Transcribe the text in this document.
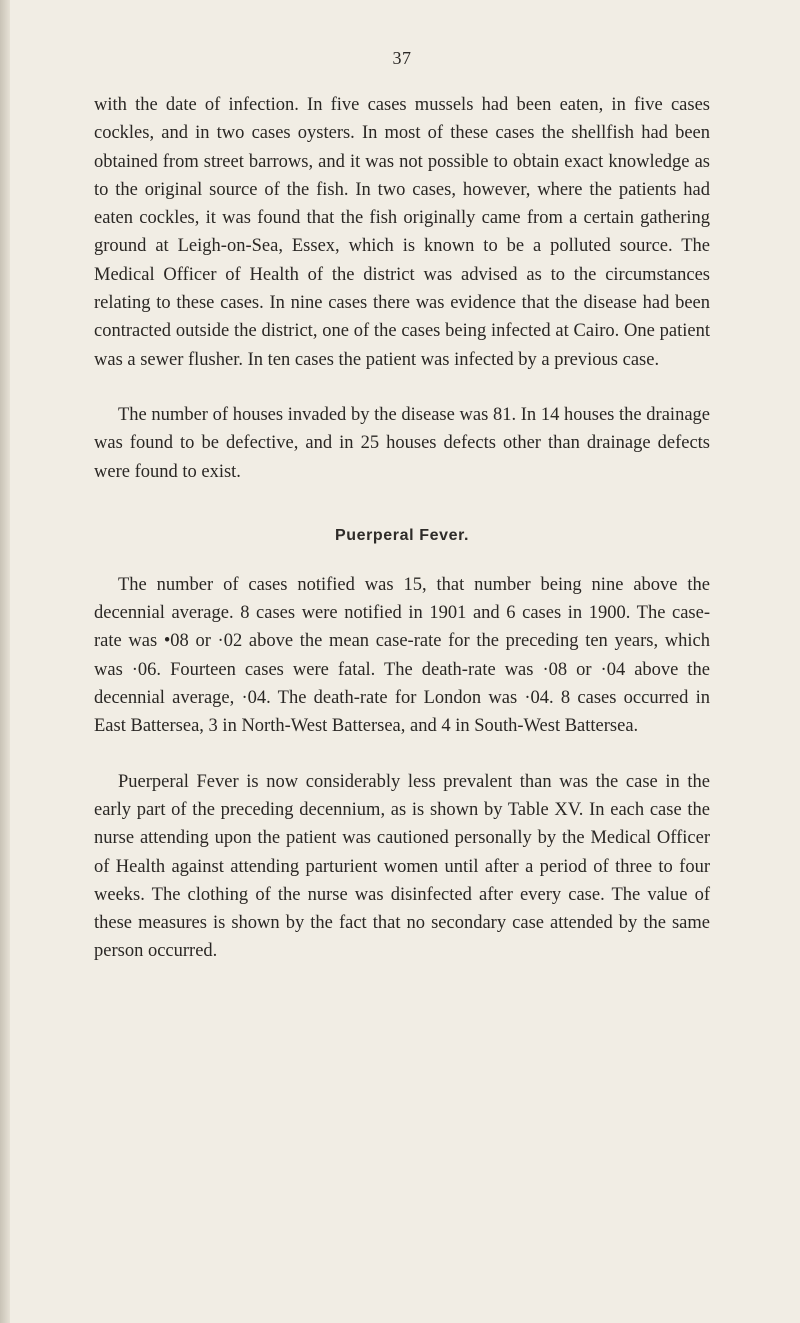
37

with the date of infection. In five cases mussels had been eaten, in five cases cockles, and in two cases oysters. In most of these cases the shellfish had been obtained from street barrows, and it was not possible to obtain exact knowledge as to the original source of the fish. In two cases, however, where the patients had eaten cockles, it was found that the fish originally came from a certain gathering ground at Leigh-on-Sea, Essex, which is known to be a polluted source. The Medical Officer of Health of the district was advised as to the circumstances relating to these cases. In nine cases there was evidence that the disease had been contracted outside the district, one of the cases being infected at Cairo. One patient was a sewer flusher. In ten cases the patient was infected by a previous case.

The number of houses invaded by the disease was 81. In 14 houses the drainage was found to be defective, and in 25 houses defects other than drainage defects were found to exist.

Puerperal Fever.

The number of cases notified was 15, that number being nine above the decennial average. 8 cases were notified in 1901 and 6 cases in 1900. The case-rate was •08 or ·02 above the mean case-rate for the preceding ten years, which was ·06. Fourteen cases were fatal. The death-rate was ·08 or ·04 above the decennial average, ·04. The death-rate for London was ·04. 8 cases occurred in East Battersea, 3 in North-West Battersea, and 4 in South-West Battersea.

Puerperal Fever is now considerably less prevalent than was the case in the early part of the preceding decennium, as is shown by Table XV. In each case the nurse attending upon the patient was cautioned personally by the Medical Officer of Health against attending parturient women until after a period of three to four weeks. The clothing of the nurse was disinfected after every case. The value of these measures is shown by the fact that no secondary case attended by the same person occurred.
